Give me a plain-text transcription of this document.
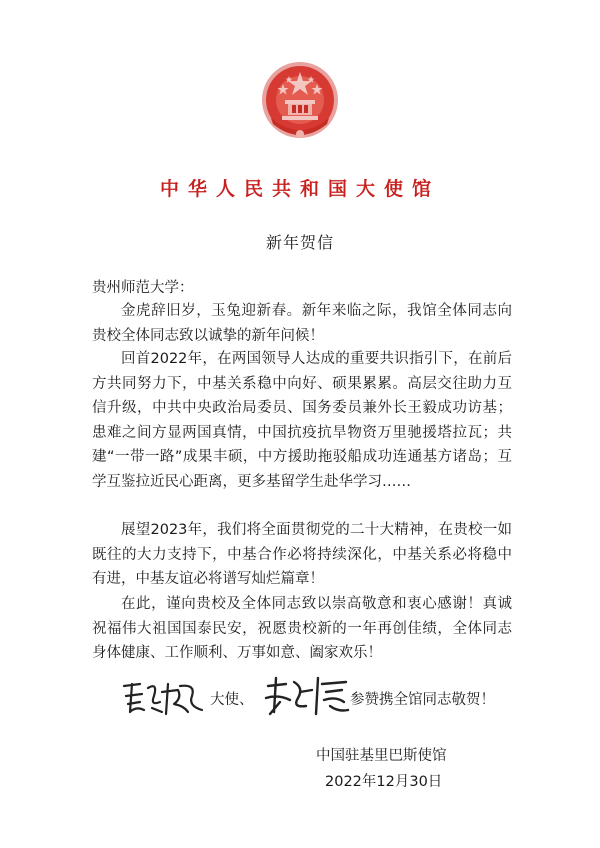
中华人民共和国大使馆
新年贺信
贵州师范大学：

金虎辞旧岁，玉兔迎新春。新年来临之际，我馆全体同志向贵校全体同志致以诚挚的新年问候！

回首2022年，在两国领导人达成的重要共识指引下，在前后方共同努力下，中基关系稳中向好、硕果累累。高层交往助力互信升级，中共中央政治局委员、国务委员兼外长王毅成功访基；患难之间方显两国真情，中国抗疫抗旱物资万里驰援塔拉瓦；共建“一带一路”成果丰硕，中方援助拖驳船成功连通基方诸岛；互学互鉴拉近民心距离，更多基留学生赴华学习……

展望2023年，我们将全面贯彻党的二十大精神，在贵校一如既往的大力支持下，中基合作必将持续深化，中基关系必将稳中有进，中基友谊必将谱写灿烂篇章！

在此，谨向贵校及全体同志致以崇高敬意和衷心感谢！真诚祝福伟大祖国国泰民安，祝愿贵校新的一年再创佳绩，全体同志身体健康、工作顺利、万事如意、阖家欢乐！

大使、	参赞携全馆同志敬贺！
中国驻基里巴斯使馆
2022年12月30日
